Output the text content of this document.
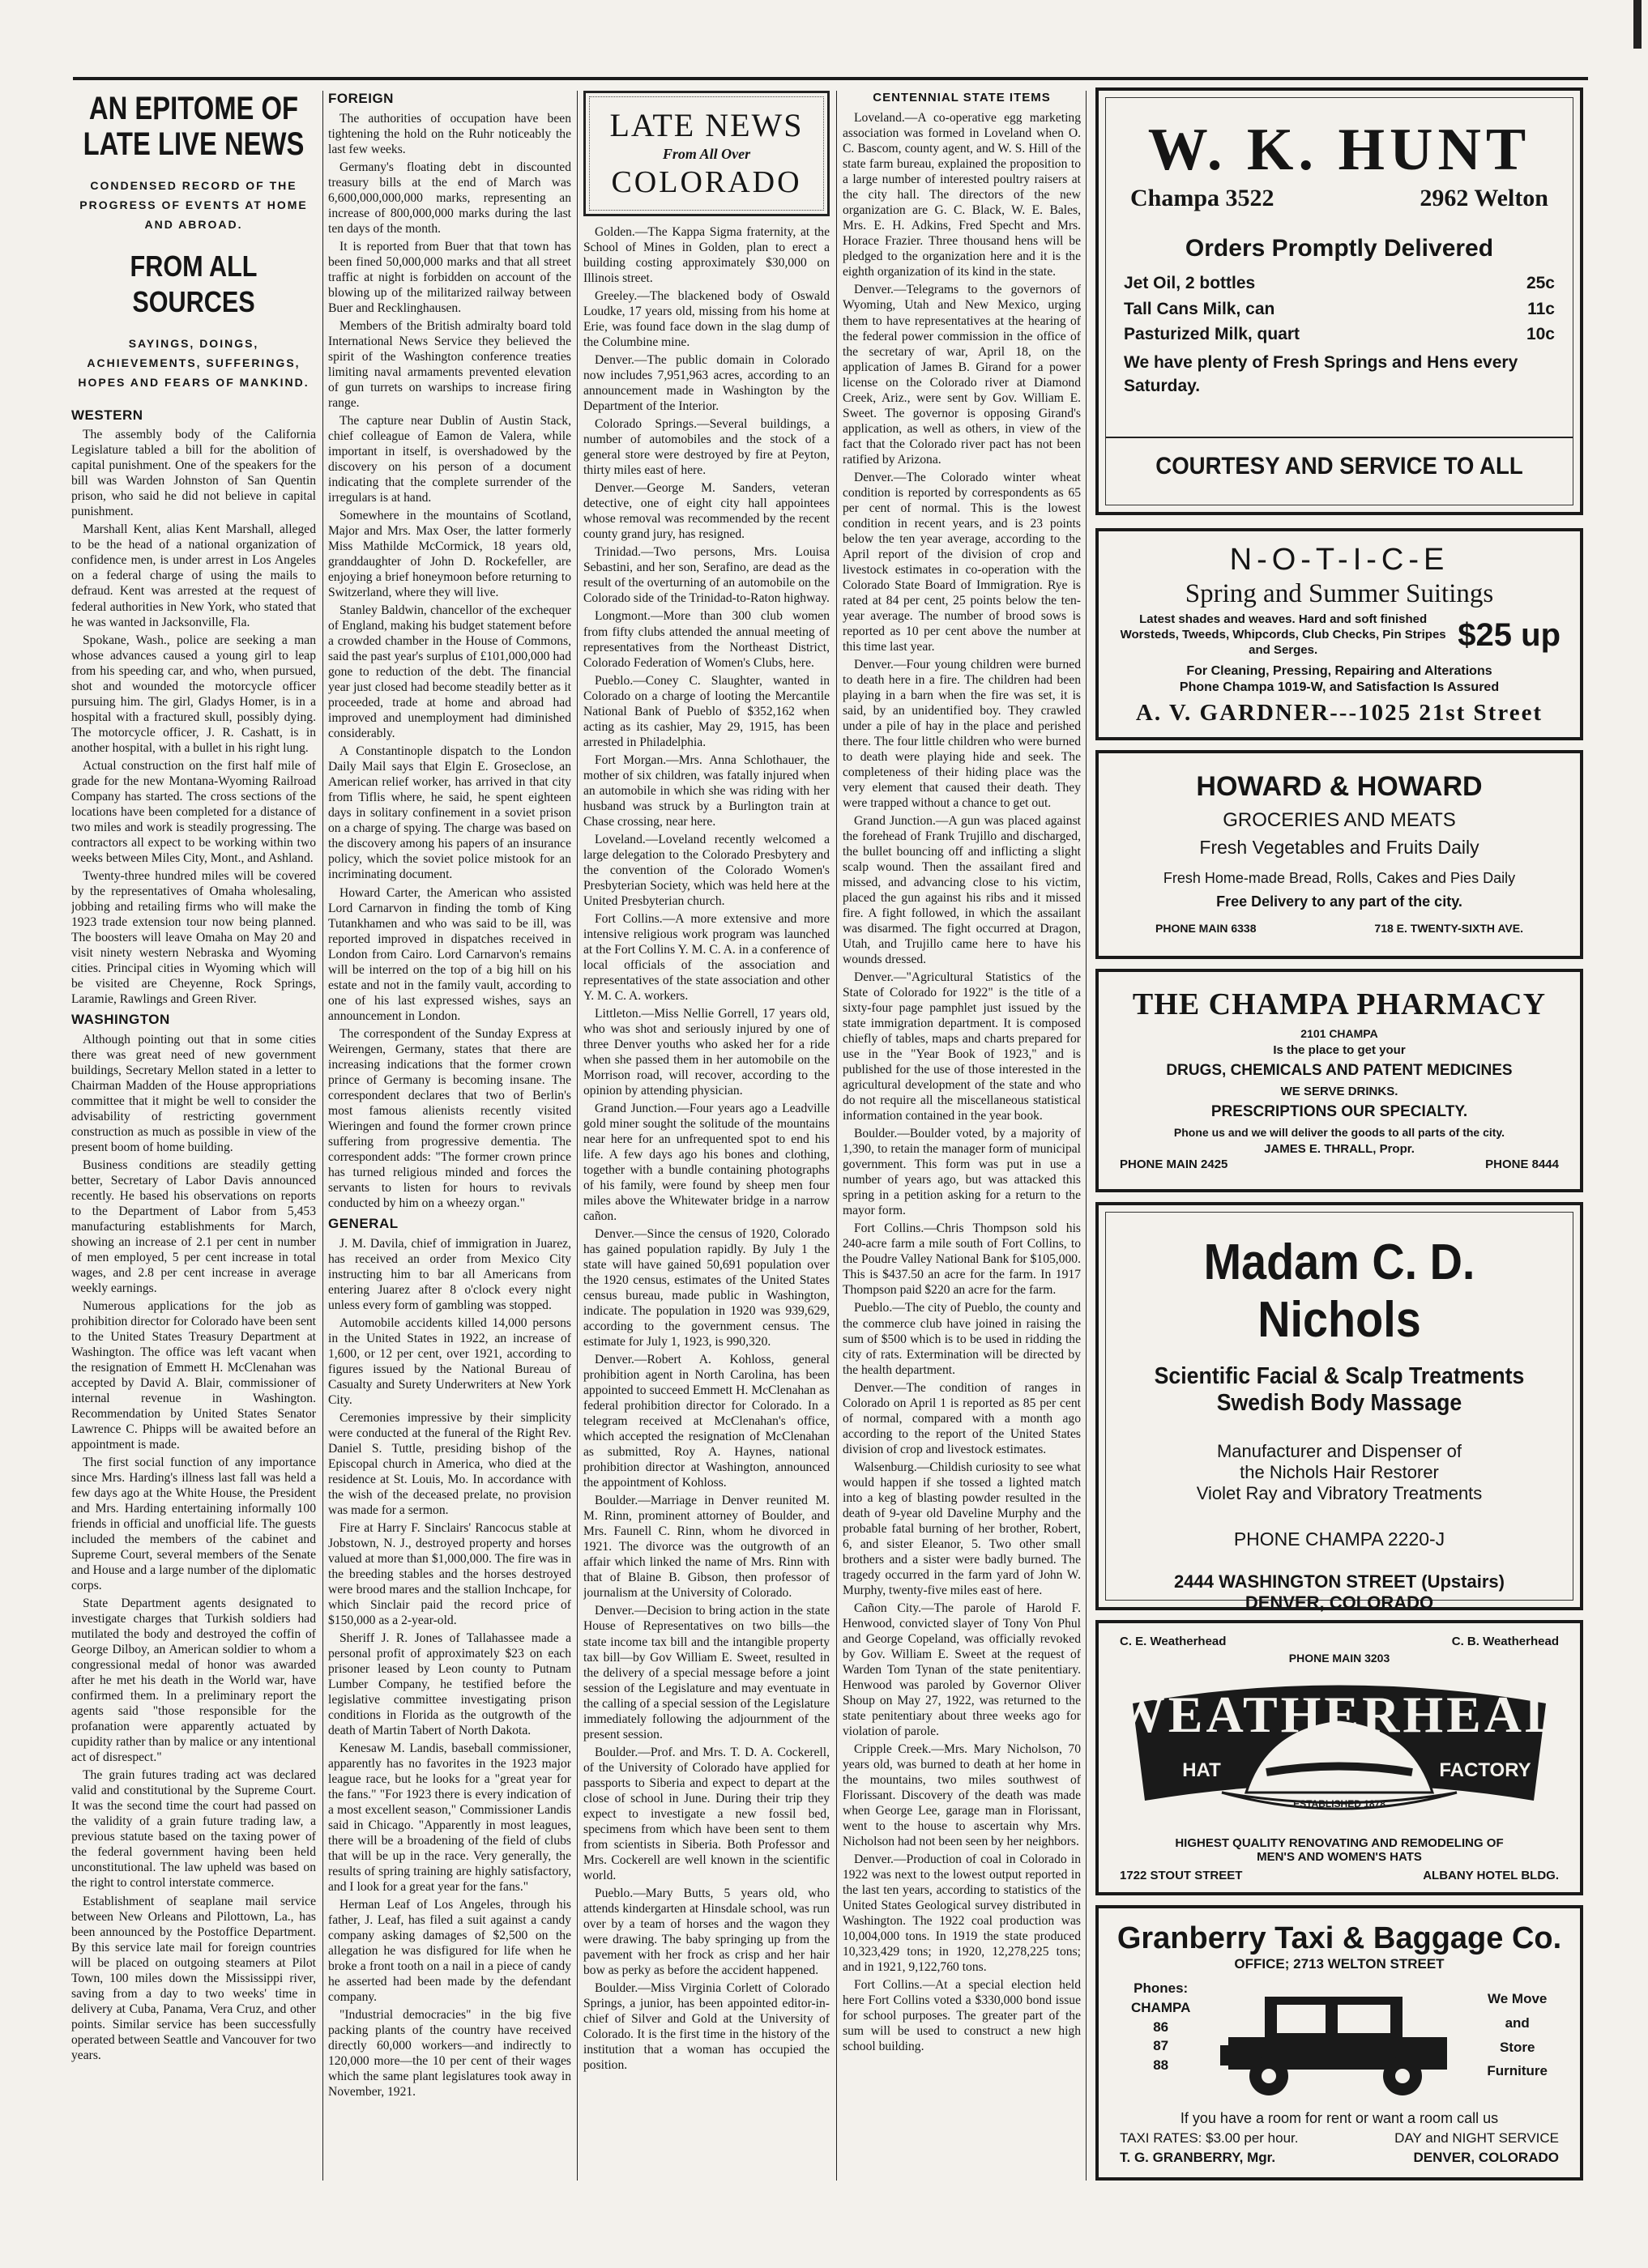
AN EPITOME OF
LATE LIVE NEWS
CONDENSED RECORD OF THE PROGRESS OF EVENTS AT HOME AND ABROAD.
FROM ALL SOURCES
SAYINGS, DOINGS, ACHIEVEMENTS, SUFFERINGS, HOPES AND FEARS OF MANKIND.
WESTERN

The assembly body of the California Legislature tabled a bill for the abolition of capital punishment. One of the speakers for the bill was Warden Johnston of San Quentin prison, who said he did not believe in capital punishment.

Marshall Kent, alias Kent Marshall, alleged to be the head of a national organization of confidence men, is under arrest in Los Angeles on a federal charge of using the mails to defraud. Kent was arrested at the request of federal authorities in New York, who stated that he was wanted in Jacksonville, Fla.

Spokane, Wash., police are seeking a man whose advances caused a young girl to leap from his speeding car, and who, when pursued, shot and wounded the motorcycle officer pursuing him. The girl, Gladys Homer, is in a hospital with a fractured skull, possibly dying. The motorcycle officer, J. R. Cashatt, is in another hospital, with a bullet in his right lung.

Actual construction on the first half mile of grade for the new Montana-Wyoming Railroad Company has started. The cross sections of the locations have been completed for a distance of two miles and work is steadily progressing. The contractors all expect to be working within two weeks between Miles City, Mont., and Ashland.

Twenty-three hundred miles will be covered by the representatives of Omaha wholesaling, jobbing and retailing firms who will make the 1923 trade extension tour now being planned. The boosters will leave Omaha on May 20 and visit ninety western Nebraska and Wyoming cities. Principal cities in Wyoming which will be visited are Cheyenne, Rock Springs, Laramie, Rawlings and Green River.

WASHINGTON

Although pointing out that in some cities there was great need of new government buildings, Secretary Mellon stated in a letter to Chairman Madden of the House appropriations committee that it might be well to consider the advisability of restricting government construction as much as possible in view of the present boom of home building.

Business conditions are steadily getting better, Secretary of Labor Davis announced recently. He based his observations on reports to the Department of Labor from 5,453 manufacturing establishments for March, showing an increase of 2.1 per cent in number of men employed, 5 per cent increase in total wages, and 2.8 per cent increase in average weekly earnings.

Numerous applications for the job as prohibition director for Colorado have been sent to the United States Treasury Department at Washington. The office was left vacant when the resignation of Emmett H. McClenahan was accepted by David A. Blair, commissioner of internal revenue in Washington. Recommendation by United States Senator Lawrence C. Phipps will be awaited before an appointment is made.

The first social function of any importance since Mrs. Harding's illness last fall was held a few days ago at the White House, the President and Mrs. Harding entertaining informally 100 friends in official and unofficial life. The guests included the members of the cabinet and Supreme Court, several members of the Senate and House and a large number of the diplomatic corps.

State Department agents designated to investigate charges that Turkish soldiers had mutilated the body and destroyed the coffin of George Dilboy, an American soldier to whom a congressional medal of honor was awarded after he met his death in the World war, have confirmed them. In a preliminary report the agents said "those responsible for the profanation were apparently actuated by cupidity rather than by malice or any intentional act of disrespect."

The grain futures trading act was declared valid and constitutional by the Supreme Court. It was the second time the court had passed on the validity of a grain future trading law, a previous statute based on the taxing power of the federal government having been held unconstitutional. The law upheld was based on the right to control interstate commerce.

Establishment of seaplane mail service between New Orleans and Pilottown, La., has been announced by the Postoffice Department. By this service late mail for foreign countries will be placed on outgoing steamers at Pilot Town, 100 miles down the Mississippi river, saving from a day to two weeks' time in delivery at Cuba, Panama, Vera Cruz, and other points. Similar service has been successfully operated between Seattle and Vancouver for two years.

FOREIGN

The authorities of occupation have been tightening the hold on the Ruhr noticeably the last few weeks.

Germany's floating debt in discounted treasury bills at the end of March was 6,600,000,000,000 marks, representing an increase of 800,000,000 marks during the last ten days of the month.

It is reported from Buer that that town has been fined 50,000,000 marks and that all street traffic at night is forbidden on account of the blowing up of the militarized railway between Buer and Recklinghausen.

Members of the British admiralty board told International News Service they believed the spirit of the Washington conference treaties limiting naval armaments prevented elevation of gun turrets on warships to increase firing range.

The capture near Dublin of Austin Stack, chief colleague of Eamon de Valera, while important in itself, is overshadowed by the discovery on his person of a document indicating that the complete surrender of the irregulars is at hand.

Somewhere in the mountains of Scotland, Major and Mrs. Max Oser, the latter formerly Miss Mathilde McCormick, 18 years old, granddaughter of John D. Rockefeller, are enjoying a brief honeymoon before returning to Switzerland, where they will live.

Stanley Baldwin, chancellor of the exchequer of England, making his budget statement before a crowded chamber in the House of Commons, said the past year's surplus of £101,000,000 had gone to reduction of the debt. The financial year just closed had become steadily better as it proceeded, trade at home and abroad had improved and unemployment had diminished considerably.

A Constantinople dispatch to the London Daily Mail says that Elgin E. Groseclose, an American relief worker, has arrived in that city from Tiflis where, he said, he spent eighteen days in solitary confinement in a soviet prison on a charge of spying. The charge was based on the discovery among his papers of an insurance policy, which the soviet police mistook for an incriminating document.

Howard Carter, the American who assisted Lord Carnarvon in finding the tomb of King Tutankhamen and who was said to be ill, was reported improved in dispatches received in London from Cairo. Lord Carnarvon's remains will be interred on the top of a big hill on his estate and not in the family vault, according to one of his last expressed wishes, says an announcement in London.

The correspondent of the Sunday Express at Weirengen, Germany, states that there are increasing indications that the former crown prince of Germany is becoming insane. The correspondent declares that two of Berlin's most famous alienists recently visited Wieringen and found the former crown prince suffering from progressive dementia. The correspondent adds: "The former crown prince has turned religious minded and forces the servants to listen for hours to revivals conducted by him on a wheezy organ."

GENERAL

J. M. Davila, chief of immigration in Juarez, has received an order from Mexico City instructing him to bar all Americans from entering Juarez after 8 o'clock every night unless every form of gambling was stopped.

Automobile accidents killed 14,000 persons in the United States in 1922, an increase of 1,600, or 12 per cent, over 1921, according to figures issued by the National Bureau of Casualty and Surety Underwriters at New York City.

Ceremonies impressive by their simplicity were conducted at the funeral of the Right Rev. Daniel S. Tuttle, presiding bishop of the Episcopal church in America, who died at the residence at St. Louis, Mo. In accordance with the wish of the deceased prelate, no provision was made for a sermon.

Fire at Harry F. Sinclairs' Rancocus stable at Jobstown, N. J., destroyed property and horses valued at more than $1,000,000. The fire was in the breeding stables and the horses destroyed were brood mares and the stallion Inchcape, for which Sinclair paid the record price of $150,000 as a 2-year-old.

Sheriff J. R. Jones of Tallahassee made a personal profit of approximately $23 on each prisoner leased by Leon county to Putnam Lumber Company, he testified before the legislative committee investigating prison conditions in Florida as the outgrowth of the death of Martin Tabert of North Dakota.

Kenesaw M. Landis, baseball commissioner, apparently has no favorites in the 1923 major league race, but he looks for a "great year for the fans." "For 1923 there is every indication of a most excellent season," Commissioner Landis said in Chicago. "Apparently in most leagues, there will be a broadening of the field of clubs that will be up in the race. Very generally, the results of spring training are highly satisfactory, and I look for a great year for the fans."

Herman Leaf of Los Angeles, through his father, J. Leaf, has filed a suit against a candy company asking damages of $2,500 on the allegation he was disfigured for life when he broke a front tooth on a nail in a piece of candy he asserted had been made by the defendant company.

"Industrial democracies" in the big five packing plants of the country have received directly 60,000 workers—and indirectly to 120,000 more—the 10 per cent of their wages which the same plant legislatures took away in November, 1921.

LATE NEWS
From All Over
COLORADO

Golden.—The Kappa Sigma fraternity, at the School of Mines in Golden, plan to erect a building costing approximately $30,000 on Illinois street.

Greeley.—The blackened body of Oswald Loudke, 17 years old, missing from his home at Erie, was found face down in the slag dump of the Columbine mine.

Denver.—The public domain in Colorado now includes 7,951,963 acres, according to an announcement made in Washington by the Department of the Interior.

Colorado Springs.—Several buildings, a number of automobiles and the stock of a general store were destroyed by fire at Peyton, thirty miles east of here.

Denver.—George M. Sanders, veteran detective, one of eight city hall appointees whose removal was recommended by the recent county grand jury, has resigned.

Trinidad.—Two persons, Mrs. Louisa Sebastini, and her son, Serafino, are dead as the result of the overturning of an automobile on the Colorado side of the Trinidad-to-Raton highway.

Longmont.—More than 300 club women from fifty clubs attended the annual meeting of representatives from the Northeast District, Colorado Federation of Women's Clubs, here.

Pueblo.—Coney C. Slaughter, wanted in Colorado on a charge of looting the Mercantile National Bank of Pueblo of $352,162 when acting as its cashier, May 29, 1915, has been arrested in Philadelphia.

Fort Morgan.—Mrs. Anna Schlothauer, the mother of six children, was fatally injured when an automobile in which she was riding with her husband was struck by a Burlington train at Chase crossing, near here.

Loveland.—Loveland recently welcomed a large delegation to the Colorado Presbytery and the convention of the Colorado Women's Presbyterian Society, which was held here at the United Presbyterian church.

Fort Collins.—A more extensive and more intensive religious work program was launched at the Fort Collins Y. M. C. A. in a conference of local officials of the association and representatives of the state association and other Y. M. C. A. workers.

Littleton.—Miss Nellie Gorrell, 17 years old, who was shot and seriously injured by one of three Denver youths who asked her for a ride when she passed them in her automobile on the Morrison road, will recover, according to the opinion by attending physician.

Grand Junction.—Four years ago a Leadville gold miner sought the solitude of the mountains near here for an unfrequented spot to end his life. A few days ago his bones and clothing, together with a bundle containing photographs of his family, were found by sheep men four miles above the Whitewater bridge in a narrow cañon.

Denver.—Since the census of 1920, Colorado has gained population rapidly. By July 1 the state will have gained 50,691 population over the 1920 census, estimates of the United States census bureau, made public in Washington, indicate. The population in 1920 was 939,629, according to the government census. The estimate for July 1, 1923, is 990,320.

Denver.—Robert A. Kohloss, general prohibition agent in North Carolina, has been appointed to succeed Emmett H. McClenahan as federal prohibition director for Colorado. In a telegram received at McClenahan's office, which accepted the resignation of McClenahan as submitted, Roy A. Haynes, national prohibition director at Washington, announced the appointment of Kohloss.

Boulder.—Marriage in Denver reunited M. M. Rinn, prominent attorney of Boulder, and Mrs. Faunell C. Rinn, whom he divorced in 1921. The divorce was the outgrowth of an affair which linked the name of Mrs. Rinn with that of Blaine B. Gibson, then professor of journalism at the University of Colorado.

Denver.—Decision to bring action in the state House of Representatives on two bills—the state income tax bill and the intangible property tax bill—by Gov William E. Sweet, resulted in the delivery of a special message before a joint session of the Legislature and may eventuate in the calling of a special session of the Legislature immediately following the adjournment of the present session.

Boulder.—Prof. and Mrs. T. D. A. Cockerell, of the University of Colorado have applied for passports to Siberia and expect to depart at the close of school in June. During their trip they expect to investigate a new fossil bed, specimens from which have been sent to them from scientists in Siberia. Both Professor and Mrs. Cockerell are well known in the scientific world.

Pueblo.—Mary Butts, 5 years old, who attends kindergarten at Hinsdale school, was run over by a team of horses and the wagon they were drawing. The baby springing up from the pavement with her frock as crisp and her hair bow as perky as before the accident happened.

Boulder.—Miss Virginia Corlett of Colorado Springs, a junior, has been appointed editor-in-chief of Silver and Gold at the University of Colorado. It is the first time in the history of the institution that a woman has occupied the position.

CENTENNIAL STATE ITEMS

Loveland.—A co-operative egg marketing association was formed in Loveland when O. C. Bascom, county agent, and W. S. Hill of the state farm bureau, explained the proposition to a large number of interested poultry raisers at the city hall. The directors of the new organization are G. C. Black, W. E. Bales, Mrs. E. H. Adkins, Fred Specht and Mrs. Horace Frazier. Three thousand hens will be pledged to the organization here and it is the eighth organization of its kind in the state.

Denver.—Telegrams to the governors of Wyoming, Utah and New Mexico, urging them to have representatives at the hearing of the federal power commission in the office of the secretary of war, April 18, on the application of James B. Girand for a power license on the Colorado river at Diamond Creek, Ariz., were sent by Gov. William E. Sweet. The governor is opposing Girand's application, as well as others, in view of the fact that the Colorado river pact has not been ratified by Arizona.

Denver.—The Colorado winter wheat condition is reported by correspondents as 65 per cent of normal. This is the lowest condition in recent years, and is 23 points below the ten year average, according to the April report of the division of crop and livestock estimates in co-operation with the Colorado State Board of Immigration. Rye is rated at 84 per cent, 25 points below the ten-year average. The number of brood sows is reported as 10 per cent above the number at this time last year.

Denver.—Four young children were burned to death here in a fire. The children had been playing in a barn when the fire was set, it is said, by an unidentified boy. They crawled under a pile of hay in the place and perished there. The four little children who were burned to death were playing hide and seek. The completeness of their hiding place was the very element that caused their death. They were trapped without a chance to get out.

Grand Junction.—A gun was placed against the forehead of Frank Trujillo and discharged, the bullet bouncing off and inflicting a slight scalp wound. Then the assailant fired and missed, and advancing close to his victim, placed the gun against his ribs and it missed fire. A fight followed, in which the assailant was disarmed. The fight occurred at Dragon, Utah, and Trujillo came here to have his wounds dressed.

Denver.—"Agricultural Statistics of the State of Colorado for 1922" is the title of a sixty-four page pamphlet just issued by the state immigration department. It is composed chiefly of tables, maps and charts prepared for use in the "Year Book of 1923," and is published for the use of those interested in the agricultural development of the state and who do not require all the miscellaneous statistical information contained in the year book.

Boulder.—Boulder voted, by a majority of 1,390, to retain the manager form of municipal government. This form was put in use a number of years ago, but was attacked this spring in a petition asking for a return to the mayor form.

Fort Collins.—Chris Thompson sold his 240-acre farm a mile south of Fort Collins, to the Poudre Valley National Bank for $105,000. This is $437.50 an acre for the farm. In 1917 Thompson paid $220 an acre for the farm.

Pueblo.—The city of Pueblo, the county and the commerce club have joined in raising the sum of $500 which is to be used in ridding the city of rats. Extermination will be directed by the health department.

Denver.—The condition of ranges in Colorado on April 1 is reported as 85 per cent of normal, compared with a month ago according to the report of the United States division of crop and livestock estimates.

Walsenburg.—Childish curiosity to see what would happen if she tossed a lighted match into a keg of blasting powder resulted in the death of 9-year old Daveline Murphy and the probable fatal burning of her brother, Robert, 6, and sister Eleanor, 5. Two other small brothers and a sister were badly burned. The tragedy occurred in the farm yard of John W. Murphy, twenty-five miles east of here.

Cañon City.—The parole of Harold F. Henwood, convicted slayer of Tony Von Phul and George Copeland, was officially revoked by Gov. William E. Sweet at the request of Warden Tom Tynan of the state penitentiary. Henwood was paroled by Governor Oliver Shoup on May 27, 1922, was returned to the state penitentiary about three weeks ago for violation of parole.

Cripple Creek.—Mrs. Mary Nicholson, 70 years old, was burned to death at her home in the mountains, two miles southwest of Florissant. Discovery of the death was made when George Lee, garage man in Florissant, went to the house to ascertain why Mrs. Nicholson had not been seen by her neighbors.

Denver.—Production of coal in Colorado in 1922 was next to the lowest output reported in the last ten years, according to statistics of the United States Geological survey distributed in Washington. The 1922 coal production was 10,004,000 tons. In 1919 the state produced 10,323,429 tons; in 1920, 12,278,225 tons; and in 1921, 9,122,760 tons.

Fort Collins.—At a special election held here Fort Collins voted a $330,000 bond issue for school purposes. The greater part of the sum will be used to construct a new high school building.

W. K. HUNT
Champa 3522	2962 Welton
Orders Promptly Delivered
Jet Oil, 2 bottles	25c
Tall Cans Milk, can	11c
Pasturized Milk, quart	10c
We have plenty of Fresh Springs and Hens every Saturday.
COURTESY AND SERVICE TO ALL
N-O-T-I-C-E
Spring and Summer Suitings
Latest shades and weaves. Hard and soft finished Worsteds, Tweeds, Whipcords, Club Checks, Pin Stripes and Serges.	$25 up
For Cleaning, Pressing, Repairing and Alterations
Phone Champa 1019-W, and Satisfaction Is Assured
A. V. GARDNER---1025 21st Street
HOWARD & HOWARD
GROCERIES AND MEATS
Fresh Vegetables and Fruits Daily
Fresh Home-made Bread, Rolls, Cakes and Pies Daily
Free Delivery to any part of the city.
PHONE MAIN 6338	718 E. TWENTY-SIXTH AVE.
THE CHAMPA PHARMACY
2101 CHAMPA
Is the place to get your
DRUGS, CHEMICALS AND PATENT MEDICINES
WE SERVE DRINKS.
PRESCRIPTIONS OUR SPECIALTY.
Phone us and we will deliver the goods to all parts of the city.
JAMES E. THRALL, Propr.
PHONE MAIN 2425	PHONE 8444
Madam C. D. Nichols
Scientific Facial & Scalp Treatments
Swedish Body Massage
Manufacturer and Dispenser of
the Nichols Hair Restorer
Violet Ray and Vibratory Treatments
PHONE CHAMPA 2220-J
2444 WASHINGTON STREET (Upstairs)
DENVER, COLORADO
C. E. Weatherhead	C. B. Weatherhead
PHONE MAIN 3203
WEATHERHEAD
HAT	FACTORY
ESTABLISHED 1878
HIGHEST QUALITY RENOVATING AND REMODELING OF
MEN'S AND WOMEN'S HATS
1722 STOUT STREET	ALBANY HOTEL BLDG.
Granberry Taxi & Baggage Co.
OFFICE; 2713 WELTON STREET
Phones:
CHAMPA
86
87
88
We Move
and
Store
Furniture
If you have a room for rent or want a room call us
TAXI RATES: $3.00 per hour.	DAY and NIGHT SERVICE
T. G. GRANBERRY, Mgr.	DENVER, COLORADO
